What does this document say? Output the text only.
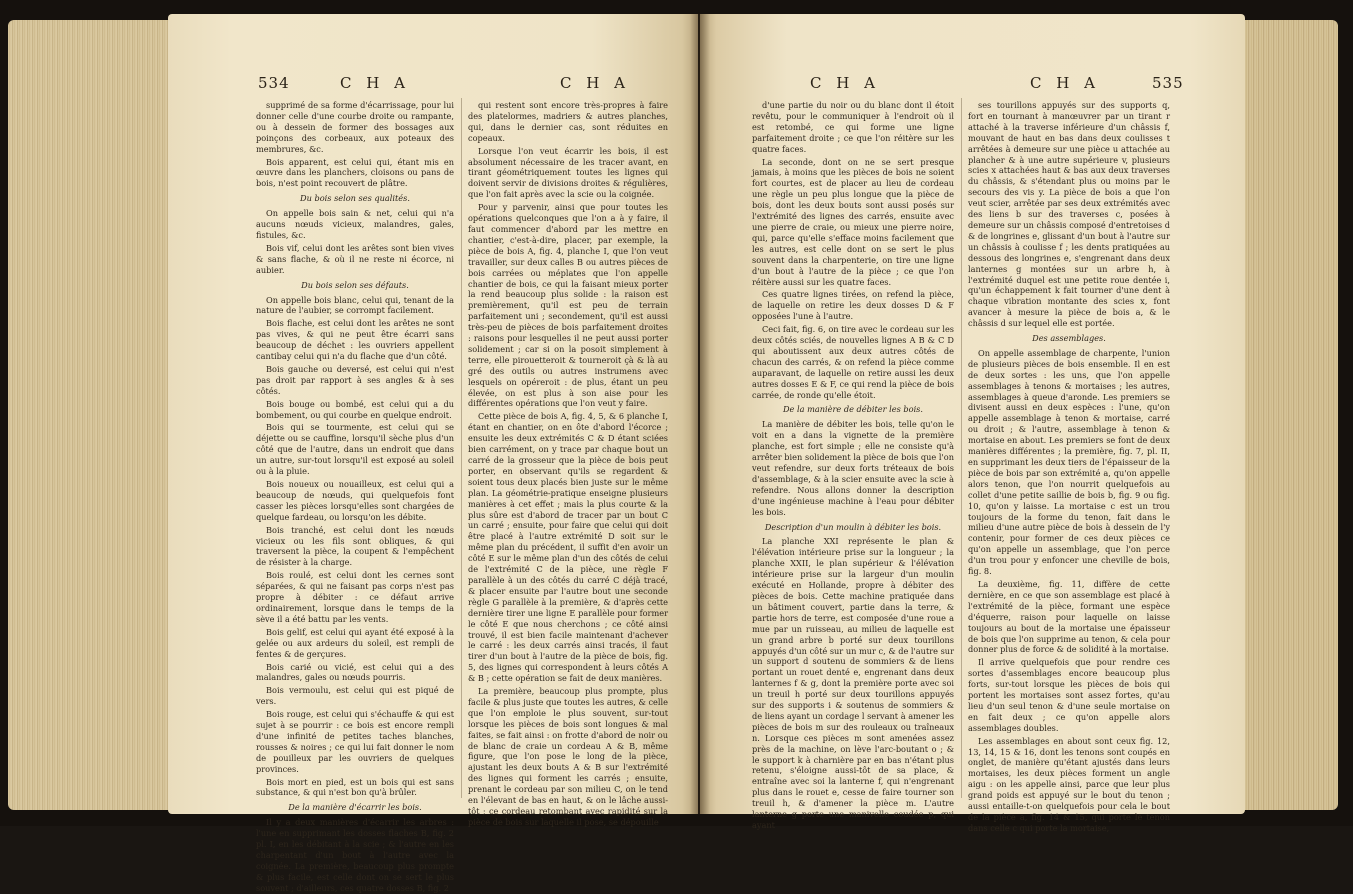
534	C H A	C H A

supprimé de sa forme d'écarrissage, pour lui donner celle d'une courbe droite ou rampante, ou à dessein de former des bossages aux poinçons des corbeaux, aux poteaux des membrures, &c.

Bois apparent, est celui qui, étant mis en œuvre dans les planchers, cloisons ou pans de bois, n'est point recouvert de plâtre.

Du bois selon ses qualités.

On appelle bois sain & net, celui qui n'a aucuns nœuds vicieux, malandres, gales, fistules, &c.

Bois vif, celui dont les arêtes sont bien vives & sans flache, & où il ne reste ni écorce, ni aubier.

Du bois selon ses défauts.

On appelle bois blanc, celui qui, tenant de la nature de l'aubier, se corrompt facilement.

Bois flache, est celui dont les arêtes ne sont pas vives, & qui ne peut être écarri sans beaucoup de déchet : les ouvriers appellent cantibay celui qui n'a du flache que d'un côté.

Bois gauche ou deversé, est celui qui n'est pas droit par rapport à ses angles & à ses côtés.

Bois bouge ou bombé, est celui qui a du bombement, ou qui courbe en quelque endroit.

Bois qui se tourmente, est celui qui se déjette ou se cauffine, lorsqu'il sèche plus d'un côté que de l'autre, dans un endroit que dans un autre, sur-tout lorsqu'il est exposé au soleil ou à la pluie.

Bois noueux ou nouailleux, est celui qui a beaucoup de nœuds, qui quelquefois font casser les pièces lorsqu'elles sont chargées de quelque fardeau, ou lorsqu'on les débite.

Bois tranché, est celui dont les nœuds vicieux ou les fils sont obliques, & qui traversent la pièce, la coupent & l'empêchent de résister à la charge.

Bois roulé, est celui dont les cernes sont séparées, & qui ne faisant pas corps n'est pas propre à débiter : ce défaut arrive ordinairement, lorsque dans le temps de la sève il a été battu par les vents.

Bois gelif, est celui qui ayant été exposé à la gelée ou aux ardeurs du soleil, est rempli de fentes & de gerçures.

Bois carié ou vicié, est celui qui a des malandres, gales ou nœuds pourris.

Bois vermoulu, est celui qui est piqué de vers.

Bois rouge, est celui qui s'échauffe & qui est sujet à se pourrir : ce bois est encore rempli d'une infinité de petites taches blanches, rousses & noires ; ce qui lui fait donner le nom de pouilleux par les ouvriers de quelques provinces.

Bois mort en pied, est un bois qui est sans substance, & qui n'est bon qu'à brûler.

De la manière d'écarrir les bois.

Il y a deux manières d'écarrir les arbres : l'une en supprimant les dosses flaches B, fig. 2 pl. I, en les débitant à la scie ; & l'autre en les charpentant d'un bout à l'autre avec la coignée. La première, beaucoup plus prompte & plus facile, est celle dont on se sert le plus souvent ; d'ailleurs, ces quatre dosses B, fig. 2

qui restent sont encore très-propres à faire des platelormes, madriers & autres planches, qui, dans le dernier cas, sont réduites en copeaux.

Lorsque l'on veut écarrir les bois, il est absolument nécessaire de les tracer avant, en tirant géométriquement toutes les lignes qui doivent servir de divisions droites & régulières, que l'on fait après avec la scie ou la coignée.

Pour y parvenir, ainsi que pour toutes les opérations quelconques que l'on a à y faire, il faut commencer d'abord par les mettre en chantier, c'est-à-dire, placer, par exemple, la pièce de bois A, fig. 4, planche I, que l'on veut travailler, sur deux calles B ou autres pièces de bois carrées ou méplates que l'on appelle chantier de bois, ce qui la faisant mieux porter la rend beaucoup plus solide : la raison est premièrement, qu'il est peu de terrain parfaitement uni ; secondement, qu'il est aussi très-peu de pièces de bois parfaitement droites : raisons pour lesquelles il ne peut aussi porter solidement ; car si on la posoit simplement à terre, elle pirouetteroit & tourneroit çà & là au gré des outils ou autres instrumens avec lesquels on opéreroit : de plus, étant un peu élevée, on est plus à son aise pour les différentes opérations que l'on veut y faire.

Cette pièce de bois A, fig. 4, 5, & 6 planche I, étant en chantier, on en ôte d'abord l'écorce ; ensuite les deux extrémités C & D étant sciées bien carrément, on y trace par chaque bout un carré de la grosseur que la pièce de bois peut porter, en observant qu'ils se regardent & soient tous deux placés bien juste sur le même plan. La géométrie-pratique enseigne plusieurs manières à cet effet ; mais la plus courte & la plus sûre est d'abord de tracer par un bout C un carré ; ensuite, pour faire que celui qui doit être placé à l'autre extrémité D soit sur le même plan du précédent, il suffit d'en avoir un côté E sur le même plan d'un des côtés de celui de l'extrémité C de la pièce, une règle F parallèle à un des côtés du carré C déjà tracé, & placer ensuite par l'autre bout une seconde règle G parallèle à la première, & d'après cette dernière tirer une ligne E parallèle pour former le côté E que nous cherchons ; ce côté ainsi trouvé, il est bien facile maintenant d'achever le carré : les deux carrés ainsi tracés, il faut tirer d'un bout à l'autre de la pièce de bois, fig. 5, des lignes qui correspondent à leurs côtés A & B ; cette opération se fait de deux manières.

La première, beaucoup plus prompte, plus facile & plus juste que toutes les autres, & celle que l'on emploie le plus souvent, sur-tout lorsque les pièces de bois sont longues & mal faites, se fait ainsi : on frotte d'abord de noir ou de blanc de craie un cordeau A & B, même figure, que l'on pose le long de la pièce, ajustant les deux bouts A & B sur l'extrémité des lignes qui forment les carrés ; ensuite, prenant le cordeau par son milieu C, on le tend en l'élevant de bas en haut, & on le lâche aussi-tôt ; ce cordeau retombant avec rapidité sur la pièce de bois sur laquelle il pose, se dépouille

C H A	C H A	535

d'une partie du noir ou du blanc dont il étoit revêtu, pour le communiquer à l'endroit où il est retombé, ce qui forme une ligne parfaitement droite ; ce que l'on réitère sur les quatre faces.

La seconde, dont on ne se sert presque jamais, à moins que les pièces de bois ne soient fort courtes, est de placer au lieu de cordeau une règle un peu plus longue que la pièce de bois, dont les deux bouts sont aussi posés sur l'extrémité des lignes des carrés, ensuite avec une pierre de craie, ou mieux une pierre noire, qui, parce qu'elle s'efface moins facilement que les autres, est celle dont on se sert le plus souvent dans la charpenterie, on tire une ligne d'un bout à l'autre de la pièce ; ce que l'on réitère aussi sur les quatre faces.

Ces quatre lignes tirées, on refend la pièce, de laquelle on retire les deux dosses D & F opposées l'une à l'autre.

Ceci fait, fig. 6, on tire avec le cordeau sur les deux côtés sciés, de nouvelles lignes A B & C D qui aboutissent aux deux autres côtés de chacun des carrés, & on refend la pièce comme auparavant, de laquelle on retire aussi les deux autres dosses E & F, ce qui rend la pièce de bois carrée, de ronde qu'elle étoit.

De la manière de débiter les bois.

La manière de débiter les bois, telle qu'on le voit en a dans la vignette de la première planche, est fort simple ; elle ne consiste qu'à arrêter bien solidement la pièce de bois que l'on veut refendre, sur deux forts tréteaux de bois d'assemblage, & à la scier ensuite avec la scie à refendre. Nous allons donner la description d'une ingénieuse machine à l'eau pour débiter les bois.

Description d'un moulin à débiter les bois.

La planche XXI représente le plan & l'élévation intérieure prise sur la longueur ; la planche XXII, le plan supérieur & l'élévation intérieure prise sur la largeur d'un moulin exécuté en Hollande, propre à débiter des pièces de bois. Cette machine pratiquée dans un bâtiment couvert, partie dans la terre, & partie hors de terre, est composée d'une roue a mue par un ruisseau, au milieu de laquelle est un grand arbre b porté sur deux tourillons appuyés d'un côté sur un mur c, & de l'autre sur un support d soutenu de sommiers & de liens portant un rouet denté e, engrenant dans deux lanternes f & g, dont la première porte avec soi un treuil h porté sur deux tourillons appuyés sur des supports i & soutenus de sommiers & de liens ayant un cordage l servant à amener les pièces de bois m sur des rouleaux ou traîneaux n. Lorsque ces pièces m sont amenées assez près de la machine, on lève l'arc-boutant o ; & le support k à charnière par en bas n'étant plus retenu, s'éloigne aussi-tôt de sa place, & entraîne avec soi la lanterne f, qui n'engrenant plus dans le rouet e, cesse de faire tourner son treuil h, & d'amener la pièce m. L'autre lanterne g porte une manivelle coudée p, qui ayant

ses tourillons appuyés sur des supports q, fort en tournant à manœuvrer par un tirant r attaché à la traverse inférieure d'un châssis f, mouvant de haut en bas dans deux coulisses t arrêtées à demeure sur une pièce u attachée au plancher & à une autre supérieure v, plusieurs scies x attachées haut & bas aux deux traverses du châssis, & s'étendant plus ou moins par le secours des vis y. La pièce de bois a que l'on veut scier, arrêtée par ses deux extrémités avec des liens b sur des traverses c, posées à demeure sur un châssis composé d'entretoises d & de longrines e, glissant d'un bout à l'autre sur un châssis à coulisse f ; les dents pratiquées au dessous des longrines e, s'engrenant dans deux lanternes g montées sur un arbre h, à l'extrémité duquel est une petite roue dentée i, qu'un échappement k fait tourner d'une dent à chaque vibration montante des scies x, font avancer à mesure la pièce de bois a, & le châssis d sur lequel elle est portée.

Des assemblages.

On appelle assemblage de charpente, l'union de plusieurs pièces de bois ensemble. Il en est de deux sortes : les uns, que l'on appelle assemblages à tenons & mortaises ; les autres, assemblages à queue d'aronde. Les premiers se divisent aussi en deux espèces : l'une, qu'on appelle assemblage à tenon & mortaise, carré ou droit ; & l'autre, assemblage à tenon & mortaise en about. Les premiers se font de deux manières différentes ; la première, fig. 7, pl. II, en supprimant les deux tiers de l'épaisseur de la pièce de bois par son extrémité a, qu'on appelle alors tenon, que l'on nourrit quelquefois au collet d'une petite saillie de bois b, fig. 9 ou fig. 10, qu'on y laisse. La mortaise c est un trou toujours de la forme du tenon, fait dans le milieu d'une autre pièce de bois à dessein de l'y contenir, pour former de ces deux pièces ce qu'on appelle un assemblage, que l'on perce d'un trou pour y enfoncer une cheville de bois, fig. 8.

La deuxième, fig. 11, diffère de cette dernière, en ce que son assemblage est placé à l'extrémité de la pièce, formant une espèce d'équerre, raison pour laquelle on laisse toujours au bout de la mortaise une épaisseur de bois que l'on supprime au tenon, & cela pour donner plus de force & de solidité à la mortaise.

Il arrive quelquefois que pour rendre ces sortes d'assemblages encore beaucoup plus forts, sur-tout lorsque les pièces de bois qui portent les mortaises sont assez fortes, qu'au lieu d'un seul tenon & d'une seule mortaise on en fait deux ; ce qu'on appelle alors assemblages doubles.

Les assemblages en about sont ceux fig. 12, 13, 14, 15 & 16, dont les tenons sont coupés en onglet, de manière qu'étant ajustés dans leurs mortaises, les deux pièces forment un angle aigu : on les appelle ainsi, parce que leur plus grand poids est appuyé sur le bout du tenon ; aussi entaille-t-on quelquefois pour cela le bout de la pièce a, fig. 14 & 15, qui porte le tenon dans celle c qui porte la mortaise,
